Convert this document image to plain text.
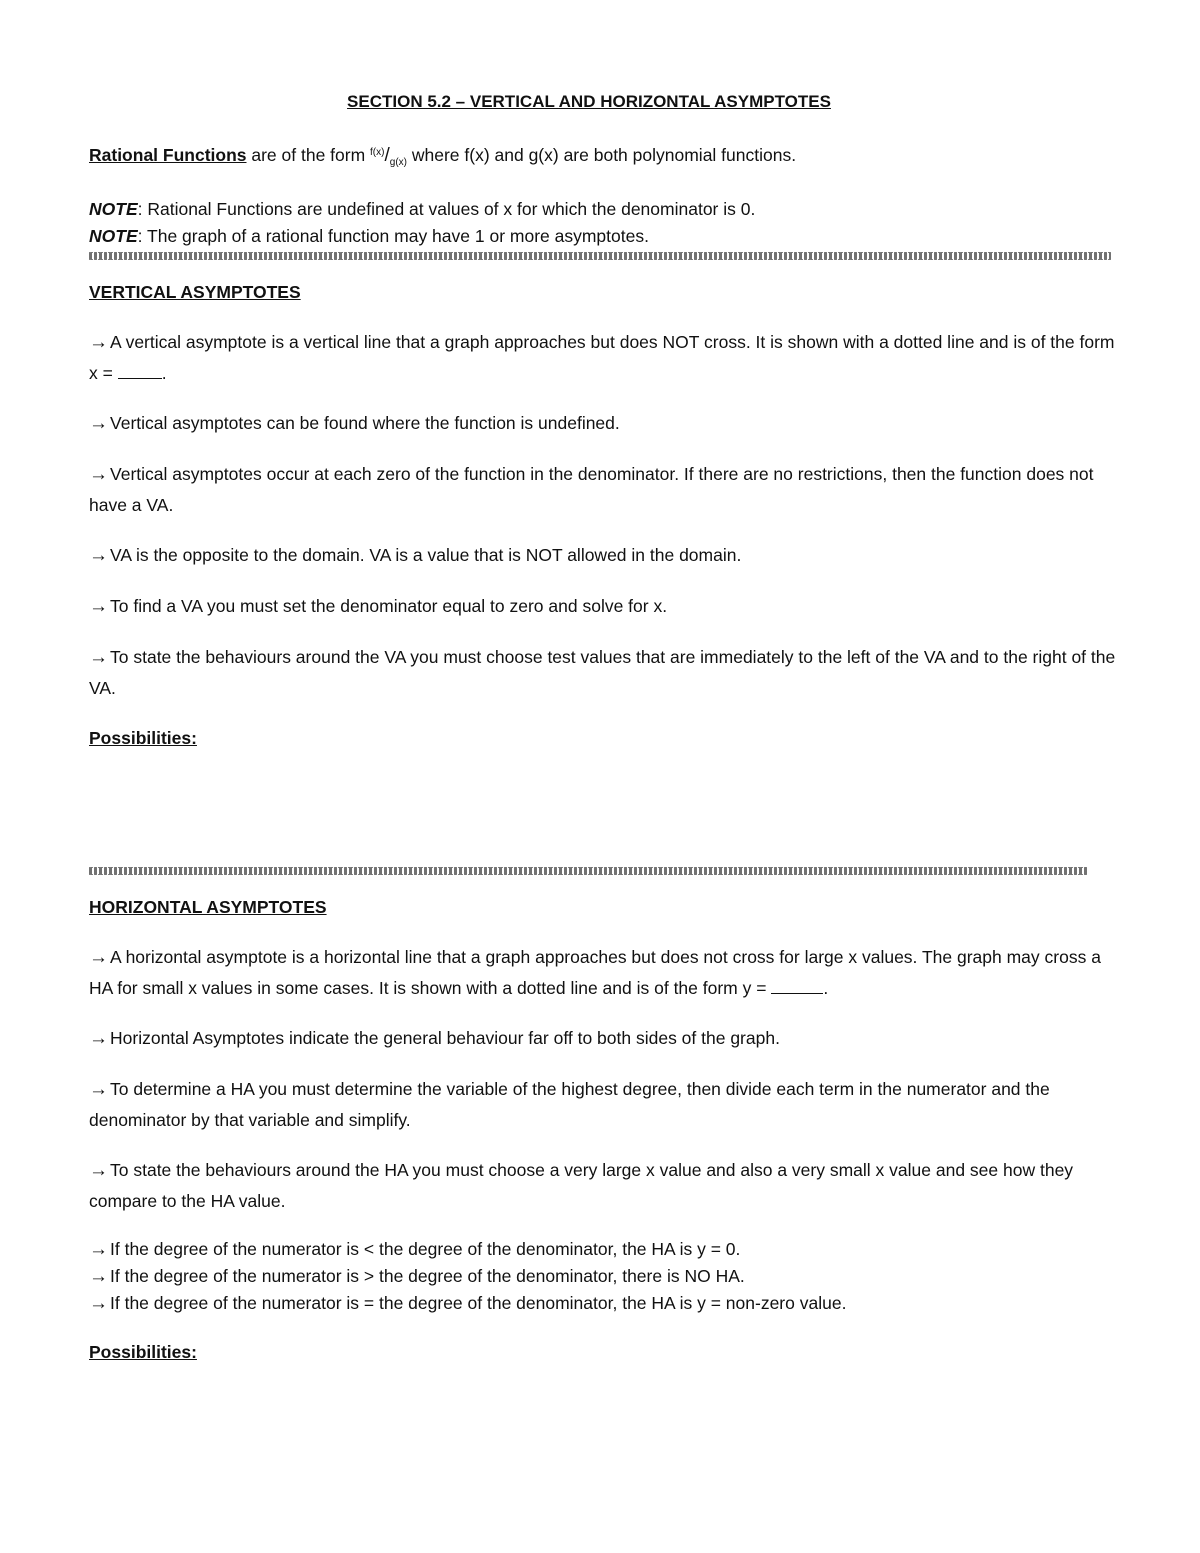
SECTION 5.2 – VERTICAL AND HORIZONTAL ASYMPTOTES

Rational Functions are of the form $^{f(x)}/_{g(x)}$ where f(x) and g(x) are both polynomial functions.

NOTE: Rational Functions are undefined at values of x for which the denominator is 0.

NOTE: The graph of a rational function may have 1 or more asymptotes.

VERTICAL ASYMPTOTES

→ A vertical asymptote is a vertical line that a graph approaches but does NOT cross. It is shown with a dotted line and is of the form x =	.

→ Vertical asymptotes can be found where the function is undefined.

→ Vertical asymptotes occur at each zero of the function in the denominator. If there are no restrictions, then the function does not have a VA.

→ VA is the opposite to the domain. VA is a value that is NOT allowed in the domain.

→ To find a VA you must set the denominator equal to zero and solve for x.

→ To state the behaviours around the VA you must choose test values that are immediately to the left of the VA and to the right of the VA.

Possibilities:

HORIZONTAL ASYMPTOTES

→ A horizontal asymptote is a horizontal line that a graph approaches but does not cross for large x values. The graph may cross a HA for small x values in some cases. It is shown with a dotted line and is of the form y =	.

→ Horizontal Asymptotes indicate the general behaviour far off to both sides of the graph.

→ To determine a HA you must determine the variable of the highest degree, then divide each term in the numerator and the denominator by that variable and simplify.

→ To state the behaviours around the HA you must choose a very large x value and also a very small x value and see how they compare to the HA value.

→ If the degree of the numerator is < the degree of the denominator, the HA is y = 0.

→ If the degree of the numerator is > the degree of the denominator, there is NO HA.

→ If the degree of the numerator is = the degree of the denominator, the HA is y = non-zero value.

Possibilities:
